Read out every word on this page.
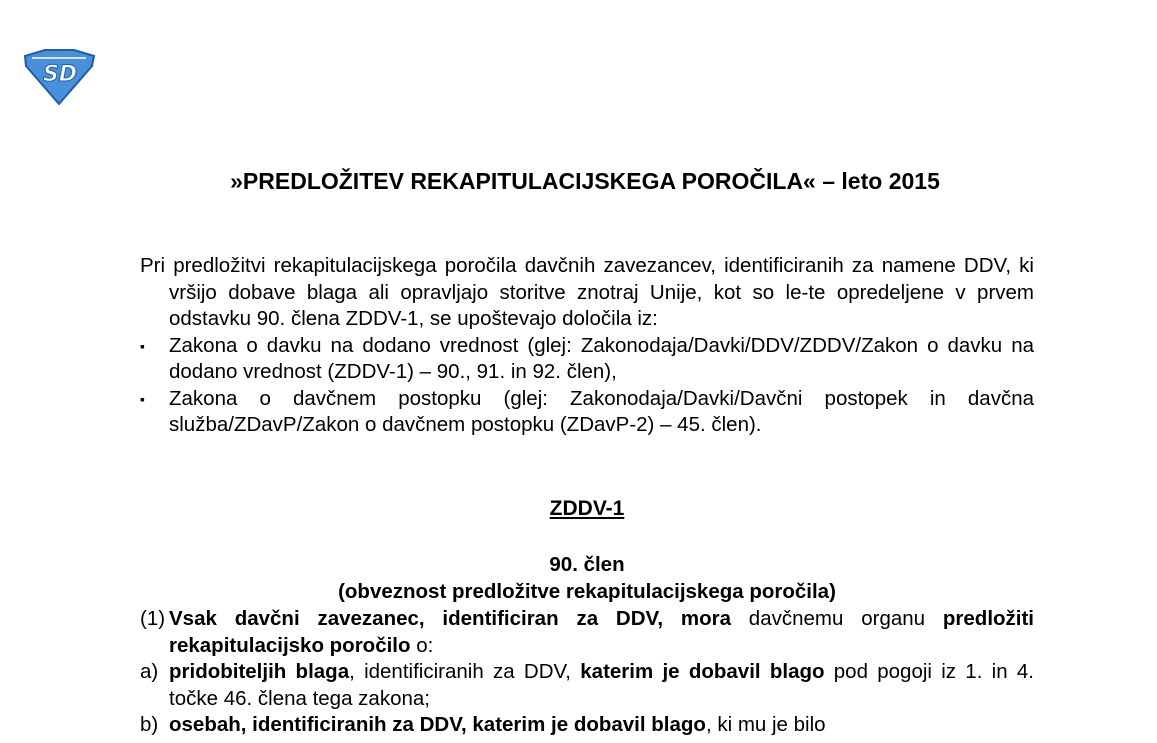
SD
»PREDLOŽITEV REKAPITULACIJSKEGA POROČILA« – leto 2015
Pri predložitvi rekapitulacijskega poročila davčnih zavezancev, identificiranih za namene DDV, ki vršijo dobave blaga ali opravljajo storitve znotraj Unije, kot so le-te opredeljene v prvem odstavku 90. člena ZDDV-1, se upoštevajo določila iz:
▪ Zakona o davku na dodano vrednost (glej: Zakonodaja/Davki/DDV/ZDDV/Zakon o davku na dodano vrednost (ZDDV-1) – 90., 91. in 92. člen),
▪ Zakona o davčnem postopku (glej: Zakonodaja/Davki/Davčni postopek in davčna služba/ZDavP/Zakon o davčnem postopku (ZDavP-2) – 45. člen).
ZDDV-1
90. člen
(obveznost predložitve rekapitulacijskega poročila)
(1) Vsak davčni zavezanec, identificiran za DDV, mora davčnemu organu predložiti rekapitulacijsko poročilo o:
a) pridobiteljih blaga, identificiranih za DDV, katerim je dobavil blago pod pogoji iz 1. in 4. točke 46. člena tega zakona;
b) osebah, identificiranih za DDV, katerim je dobavil blago, ki mu je bilo
